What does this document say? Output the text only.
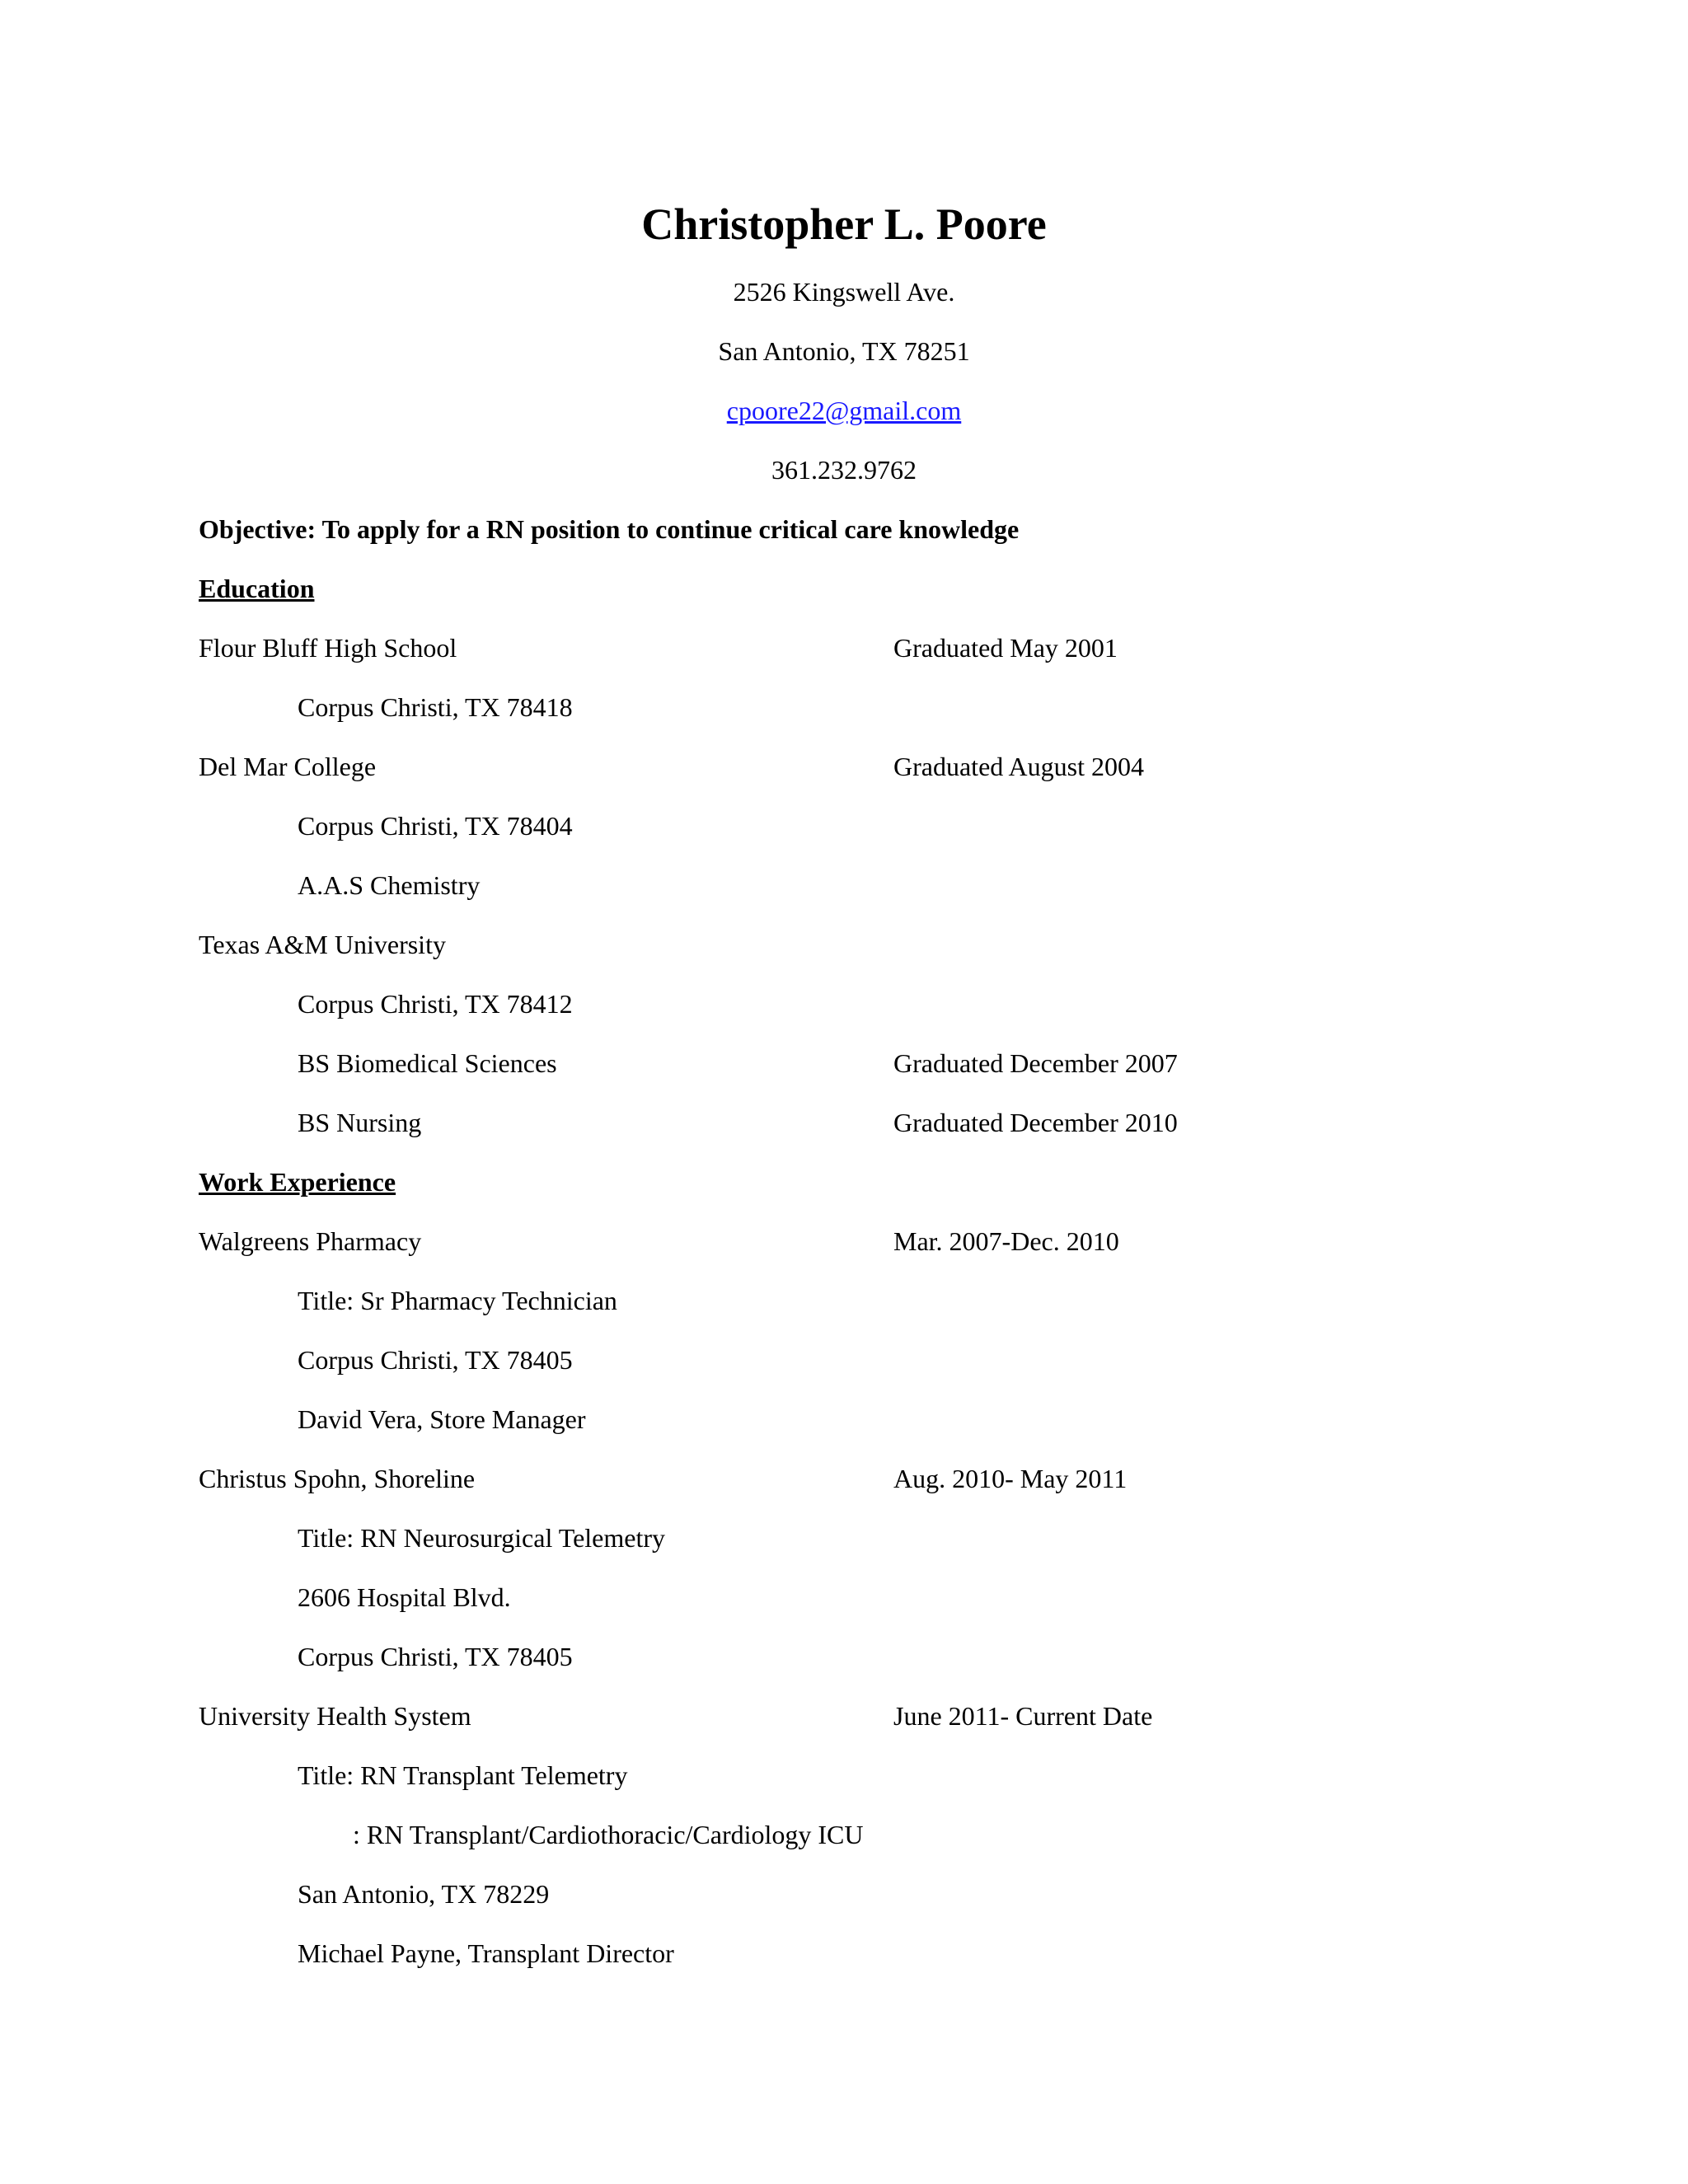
Christopher L. Poore
2526 Kingswell Ave.
San Antonio, TX 78251
cpoore22@gmail.com
361.232.9762
Objective: To apply for a RN position to continue critical care knowledge
Education
Flour Bluff High School	Graduated May 2001
Corpus Christi, TX 78418
Del Mar College	Graduated August 2004
Corpus Christi, TX 78404
A.A.S Chemistry
Texas A&M University
Corpus Christi, TX 78412
BS Biomedical Sciences	Graduated December 2007
BS Nursing	Graduated December 2010
Work Experience
Walgreens Pharmacy	Mar. 2007-Dec. 2010
Title: Sr Pharmacy Technician
Corpus Christi, TX 78405
David Vera, Store Manager
Christus Spohn, Shoreline	Aug. 2010- May 2011
Title: RN Neurosurgical Telemetry
2606 Hospital Blvd.
Corpus Christi, TX 78405
University Health System	June 2011- Current Date
Title: RN Transplant Telemetry
: RN Transplant/Cardiothoracic/Cardiology ICU
San Antonio, TX 78229
Michael Payne, Transplant Director
